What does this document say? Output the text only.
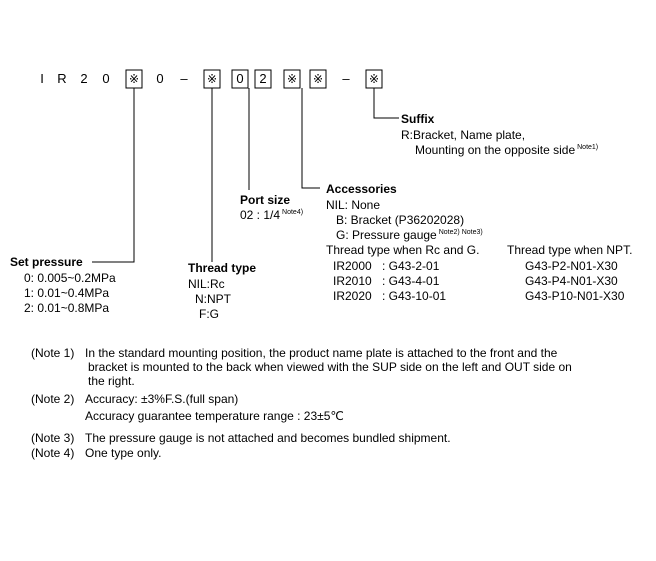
I R 2 0 ※ 0 – ※ 0 2 ※ ※ – ※
Suffix
R:Bracket, Name plate,
Mounting on the opposite side $^{Note1)}$
Accessories
NIL: None
B: Bracket (P36202028)
G: Pressure gauge $^{Note2) Note3)}$
Thread type when Rc and G. Thread type when NPT.
IR2000 : G43-2-01	G43-P2-N01-X30
IR2010 : G43-4-01	G43-P4-N01-X30
IR2020 : G43-10-01	G43-P10-N01-X30
Port size
02 : 1/4 $^{Note4)}$
Set pressure
0: 0.005~0.2MPa
1: 0.01~0.4MPa
2: 0.01~0.8MPa
Thread type
NIL:Rc
N:NPT
F:G
(Note 1) In the standard mounting position, the product name plate is attached to the front and the
bracket is mounted to the back when viewed with the SUP side on the left and OUT side on
the right.
(Note 2) Accuracy: ±3%F.S.(full span)
Accuracy guarantee temperature range : 23±5℃
(Note 3) The pressure gauge is not attached and becomes bundled shipment.
(Note 4) One type only.
